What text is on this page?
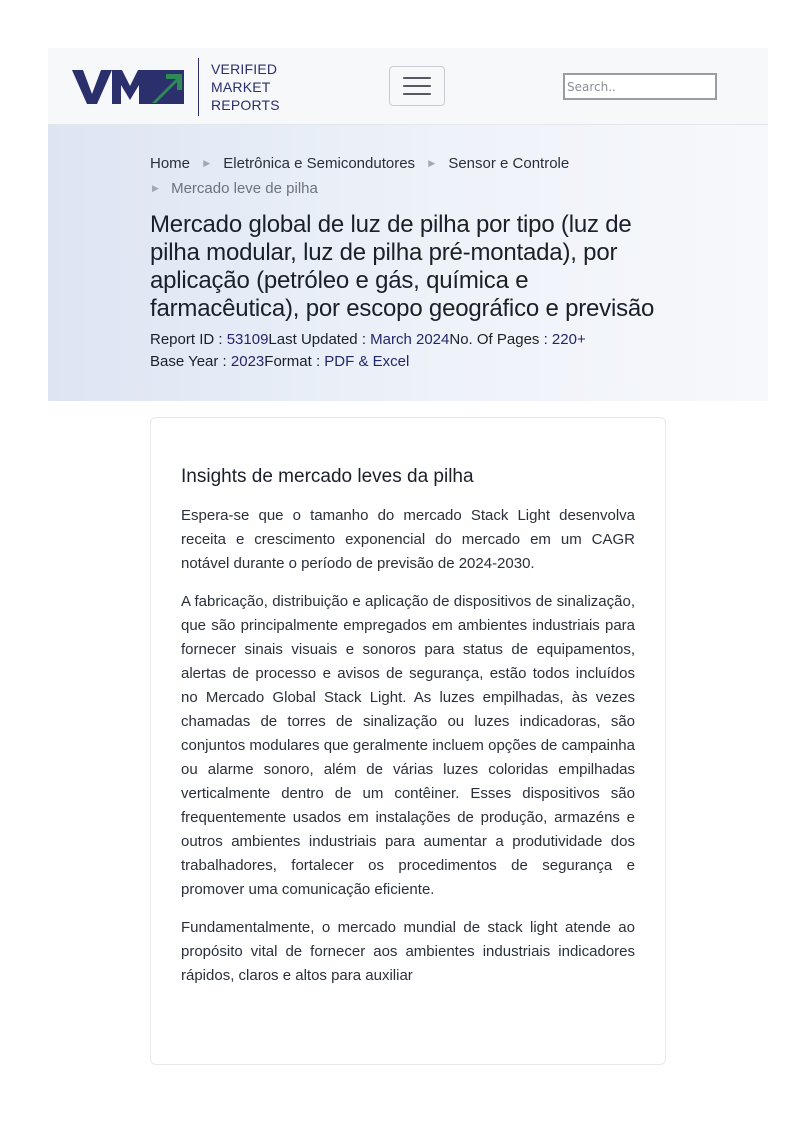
VERIFIED
MARKET
REPORTS
Search..
Home ▶ Eletrônica e Semicondutores ▶ Sensor e Controle
▶ Mercado leve de pilha
Mercado global de luz de pilha por tipo (luz de pilha modular, luz de pilha pré-montada), por aplicação (petróleo e gás, química e farmacêutica), por escopo geográfico e previsão
Report ID : 53109Last Updated : March 2024No. Of Pages : 220+
Base Year : 2023Format : PDF & Excel
Insights de mercado leves da pilha

Espera-se que o tamanho do mercado Stack Light desenvolva receita e crescimento exponencial do mercado em um CAGR notável durante o período de previsão de 2024-2030.

A fabricação, distribuição e aplicação de dispositivos de sinalização, que são principalmente empregados em ambientes industriais para fornecer sinais visuais e sonoros para status de equipamentos, alertas de processo e avisos de segurança, estão todos incluídos no Mercado Global Stack Light. As luzes empilhadas, às vezes chamadas de torres de sinalização ou luzes indicadoras, são conjuntos modulares que geralmente incluem opções de campainha ou alarme sonoro, além de várias luzes coloridas empilhadas verticalmente dentro de um contêiner. Esses dispositivos são frequentemente usados em instalações de produção, armazéns e outros ambientes industriais para aumentar a produtividade dos trabalhadores, fortalecer os procedimentos de segurança e promover uma comunicação eficiente.

Fundamentalmente, o mercado mundial de stack light atende ao propósito vital de fornecer aos ambientes industriais indicadores rápidos, claros e altos para auxiliar
